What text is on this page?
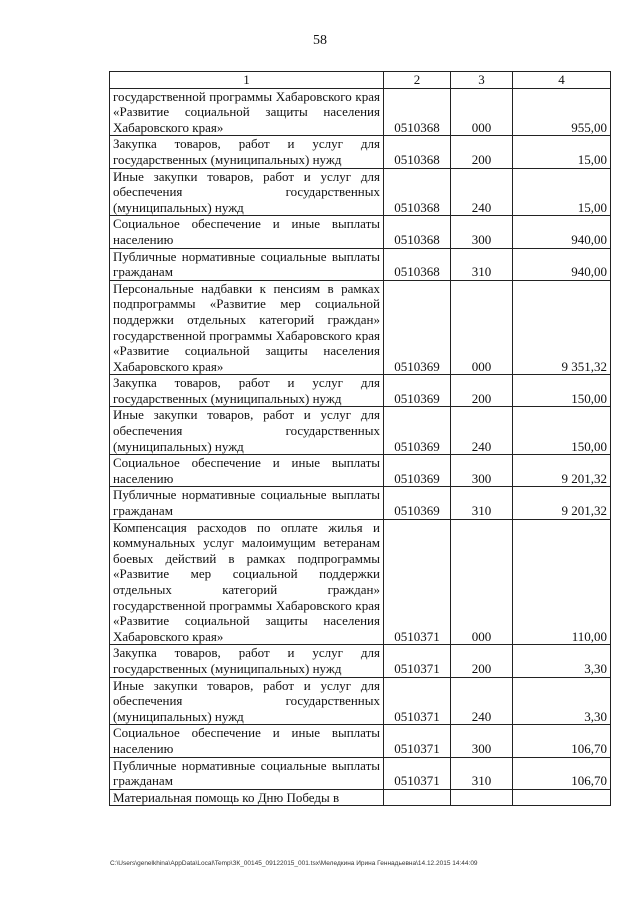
58
1	2	3	4
государственной программы Хабаровского края «Развитие социальной защиты населения Хабаровского края»	0510368	000	955,00
Закупка товаров, работ и услуг для государственных (муниципальных) нужд	0510368	200	15,00
Иные закупки товаров, работ и услуг для обеспечения государственных (муниципальных) нужд	0510368	240	15,00
Социальное обеспечение и иные выплаты населению	0510368	300	940,00
Публичные нормативные социальные выплаты гражданам	0510368	310	940,00
Персональные надбавки к пенсиям в рамках подпрограммы «Развитие мер социальной поддержки отдельных категорий граждан» государственной программы Хабаровского края «Развитие социальной защиты населения Хабаровского края»	0510369	000	9 351,32
Закупка товаров, работ и услуг для государственных (муниципальных) нужд	0510369	200	150,00
Иные закупки товаров, работ и услуг для обеспечения государственных (муниципальных) нужд	0510369	240	150,00
Социальное обеспечение и иные выплаты населению	0510369	300	9 201,32
Публичные нормативные социальные выплаты гражданам	0510369	310	9 201,32
Компенсация расходов по оплате жилья и коммунальных услуг малоимущим ветеранам боевых действий в рамках подпрограммы «Развитие мер социальной поддержки отдельных категорий граждан» государственной программы Хабаровского края «Развитие социальной защиты населения Хабаровского края»	0510371	000	110,00
Закупка товаров, работ и услуг для государственных (муниципальных) нужд	0510371	200	3,30
Иные закупки товаров, работ и услуг для обеспечения государственных (муниципальных) нужд	0510371	240	3,30
Социальное обеспечение и иные выплаты населению	0510371	300	106,70
Публичные нормативные социальные выплаты гражданам	0510371	310	106,70
Материальная помощь ко Дню Победы в			
C:\Users\genelkhina\AppData\Local\Temp\ЗК_00145_09122015_001.tsx\Меледкина Ирина Геннадьевна\14.12.2015 14:44:09
